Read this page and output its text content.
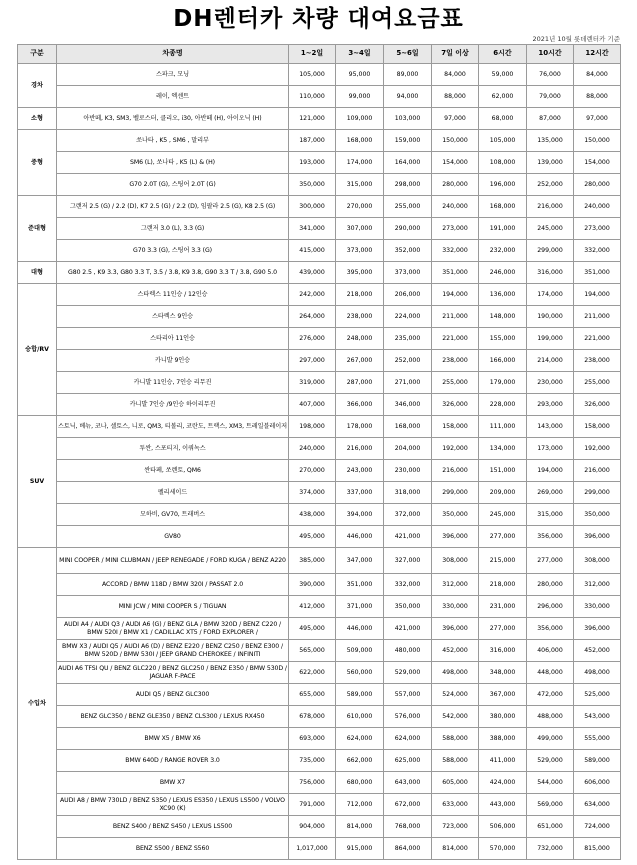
DH렌터카 차량 대여요금표
2021년 10월 롯데렌터카 기준
구분	차종명	1~2일	3~4일	5~6일	7일 이상	6시간	10시간	12시간
경차	스파크, 모닝	105,000	95,000	89,000	84,000	59,000	76,000	84,000
	레이, 엑센트	110,000	99,000	94,000	88,000	62,000	79,000	88,000
소형	아반떼, K3, SM3, 벨로스터, 클리오, i30, 아반떼 (H), 아이오닉 (H)	121,000	109,000	103,000	97,000	68,000	87,000	97,000
중형	쏘나타 , K5 , SM6 , 말리부	187,000	168,000	159,000	150,000	105,000	135,000	150,000
	SM6 (L), 쏘나타 , K5 (L) & (H)	193,000	174,000	164,000	154,000	108,000	139,000	154,000
	G70 2.0T (G), 스팅어 2.0T (G)	350,000	315,000	298,000	280,000	196,000	252,000	280,000
준대형	그랜저 2.5 (G) / 2.2 (D), K7 2.5 (G) / 2.2 (D), 임팔라 2.5 (G), K8 2.5 (G)	300,000	270,000	255,000	240,000	168,000	216,000	240,000
	그랜저 3.0 (L), 3.3 (G)	341,000	307,000	290,000	273,000	191,000	245,000	273,000
	G70 3.3 (G), 스팅어 3.3 (G)	415,000	373,000	352,000	332,000	232,000	299,000	332,000
대형	G80 2.5 , K9 3.3, G80 3.3 T, 3.5 / 3.8, K9 3.8, G90 3.3 T / 3.8, G90 5.0	439,000	395,000	373,000	351,000	246,000	316,000	351,000
승합/RV	스타렉스 11인승 / 12인승	242,000	218,000	206,000	194,000	136,000	174,000	194,000
	스타렉스 9인승	264,000	238,000	224,000	211,000	148,000	190,000	211,000
	스타리아 11인승	276,000	248,000	235,000	221,000	155,000	199,000	221,000
	카니발 9인승	297,000	267,000	252,000	238,000	166,000	214,000	238,000
	카니발 11인승, 7인승 리무진	319,000	287,000	271,000	255,000	179,000	230,000	255,000
	카니발 7인승 /9인승 하이리무진	407,000	366,000	346,000	326,000	228,000	293,000	326,000
SUV	스토닉, 베뉴, 코나, 셀토스, 니로, QM3, 티볼리, 코란도, 트랙스, XM3, 트레일블레이저	198,000	178,000	168,000	158,000	111,000	143,000	158,000
	투싼, 스포티지, 이쿼녹스	240,000	216,000	204,000	192,000	134,000	173,000	192,000
	싼타페, 쏘렌토, QM6	270,000	243,000	230,000	216,000	151,000	194,000	216,000
	펠리세이드	374,000	337,000	318,000	299,000	209,000	269,000	299,000
	모하비, GV70, 트래버스	438,000	394,000	372,000	350,000	245,000	315,000	350,000
	GV80	495,000	446,000	421,000	396,000	277,000	356,000	396,000
수입차	MINI COOPER / MINI CLUBMAN / JEEP RENEGADE / FORD KUGA / BENZ A220	385,000	347,000	327,000	308,000	215,000	277,000	308,000
	ACCORD / BMW 118D / BMW 320I / PASSAT 2.0	390,000	351,000	332,000	312,000	218,000	280,000	312,000
	MINI JCW / MINI COOPER S / TIGUAN	412,000	371,000	350,000	330,000	231,000	296,000	330,000
	AUDI A4 / AUDI Q3 / AUDI A6 (G) / BENZ GLA / BMW 320D / BENZ C220 / BMW 520I / BMW X1 / CADILLAC XT5 / FORD EXPLORER /	495,000	446,000	421,000	396,000	277,000	356,000	396,000
	BMW X3 / AUDI Q5 / AUDI A6 (D) / BENZ E220 / BENZ C250 / BENZ E300 / BMW 520D / BMW 530I / JEEP GRAND CHEROKEE / INFINITI	565,000	509,000	480,000	452,000	316,000	406,000	452,000
	AUDI A6 TFSI QU / BENZ GLC220 / BENZ GLC250 / BENZ E350 / BMW 530D / JAGUAR F-PACE	622,000	560,000	529,000	498,000	348,000	448,000	498,000
	AUDI Q5 / BENZ GLC300	655,000	589,000	557,000	524,000	367,000	472,000	525,000
	BENZ GLC350 / BENZ GLE350 / BENZ CLS300 / LEXUS RX450	678,000	610,000	576,000	542,000	380,000	488,000	543,000
	BMW X5 / BMW X6	693,000	624,000	624,000	588,000	388,000	499,000	555,000
	BMW 640D / RANGE ROVER 3.0	735,000	662,000	625,000	588,000	411,000	529,000	589,000
	BMW X7	756,000	680,000	643,000	605,000	424,000	544,000	606,000
	AUDI A8 / BMW 730LD / BENZ S350 / LEXUS ES350 / LEXUS LS500 / VOLVO XC90 (K)	791,000	712,000	672,000	633,000	443,000	569,000	634,000
	BENZ S400 / BENZ S450 / LEXUS LS500	904,000	814,000	768,000	723,000	506,000	651,000	724,000
	BENZ S500 / BENZ S560	1,017,000	915,000	864,000	814,000	570,000	732,000	815,000
